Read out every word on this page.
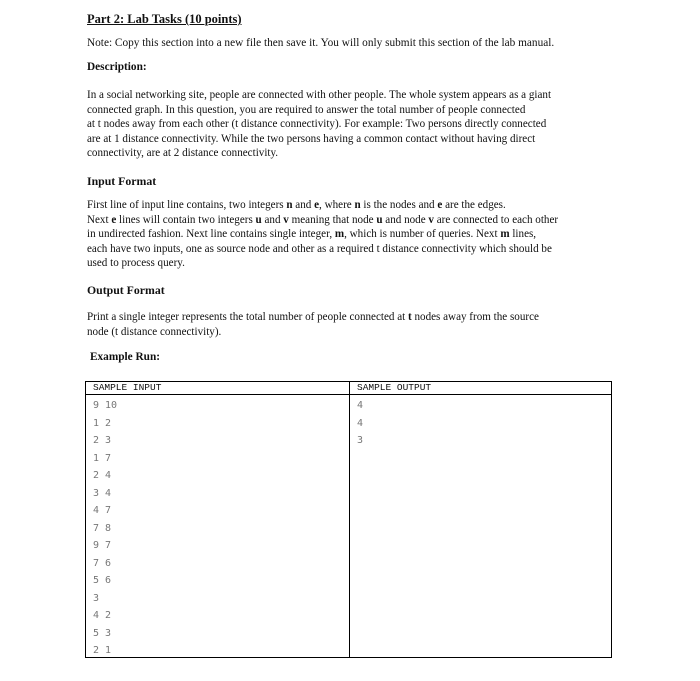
Part 2: Lab Tasks (10 points)
Note: Copy this section into a new file then save it. You will only submit this section of the lab manual.
Description:
In a social networking site, people are connected with other people. The whole system appears as a giant
connected graph. In this question, you are required to answer the total number of people connected
at t nodes away from each other (t distance connectivity). For example: Two persons directly connected
are at 1 distance connectivity. While the two persons having a common contact without having direct
connectivity, are at 2 distance connectivity.
Input Format
First line of input line contains, two integers n and e, where n is the nodes and e are the edges.
Next e lines will contain two integers u and v meaning that node u and node v are connected to each other
in undirected fashion. Next line contains single integer, m, which is number of queries. Next m lines,
each have two inputs, one as source node and other as a required t distance connectivity which should be
used to process query.
Output Format
Print a single integer represents the total number of people connected at t nodes away from the source
node (t distance connectivity).
Example Run:
SAMPLE INPUT	SAMPLE OUTPUT
9 10
1 2
2 3
1 7
2 4
3 4
4 7
7 8
9 7
7 6
5 6
3
4 2
5 3
2 1
4
4
3
